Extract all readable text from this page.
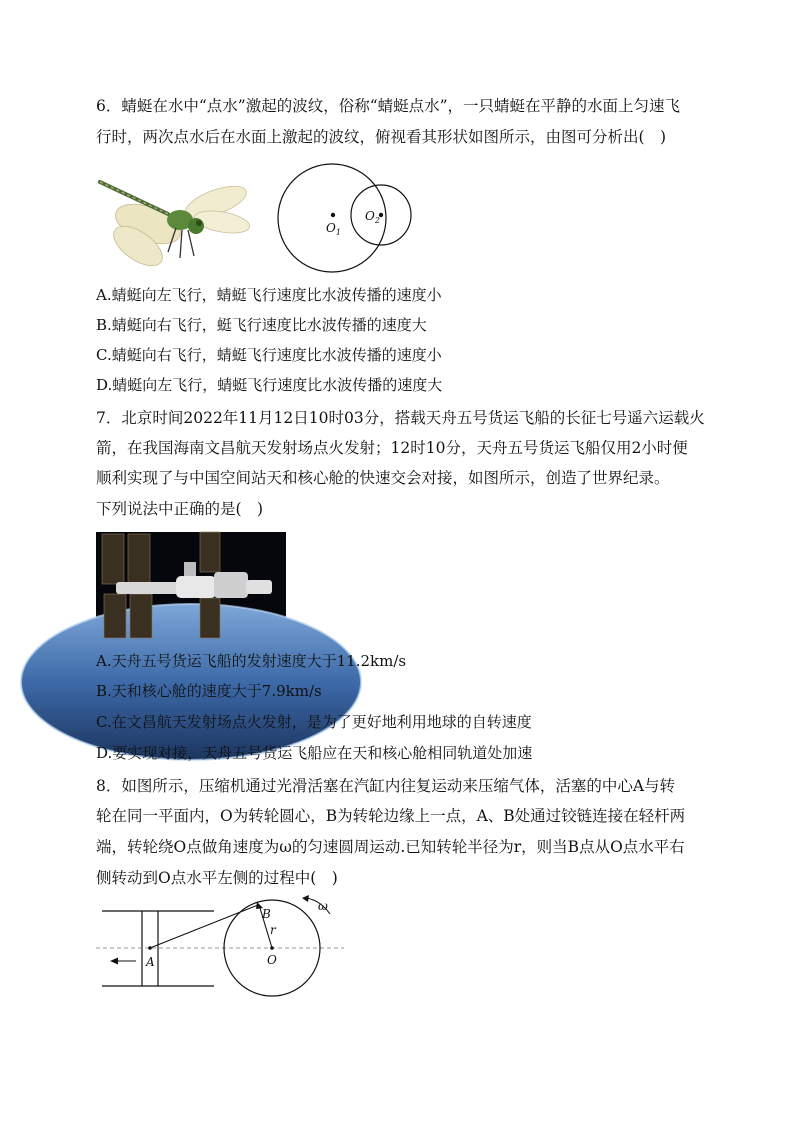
6．蜻蜓在水中“点水”激起的波纹，俗称“蜻蜓点水”，一只蜻蜓在平静的水面上匀速飞
行时，两次点水后在水面上激起的波纹，俯视看其形状如图所示，由图可分析出(　)
$O_1$
$O_2$
A.蜻蜓向左飞行，蜻蜓飞行速度比水波传播的速度小
B.蜻蜓向右飞行，蜓飞行速度比水波传播的速度大
C.蜻蜓向右飞行，蜻蜓飞行速度比水波传播的速度小
D.蜻蜓向左飞行，蜻蜓飞行速度比水波传播的速度大
7．北京时间2022年11月12日10时03分，搭载天舟五号货运飞船的长征七号遥六运载火
箭，在我国海南文昌航天发射场点火发射；12时10分，天舟五号货运飞船仅用2小时便
顺利实现了与中国空间站天和核心舱的快速交会对接，如图所示，创造了世界纪录。
下列说法中正确的是(　)
A.天舟五号货运飞船的发射速度大于11.2km/s
B.天和核心舱的速度大于7.9km/s
C.在文昌航天发射场点火发射，是为了更好地利用地球的自转速度
D.要实现对接，天舟五号货运飞船应在天和核心舱相同轨道处加速
8．如图所示，压缩机通过光滑活塞在汽缸内往复运动来压缩气体，活塞的中心A与转
轮在同一平面内，O为转轮圆心，B为转轮边缘上一点，A、B处通过铰链连接在轻杆两
端，转轮绕O点做角速度为ω的匀速圆周运动.已知转轮半径为r，则当B点从O点水平右
侧转动到O点水平左侧的过程中(　)
A
B
r
O
ω
